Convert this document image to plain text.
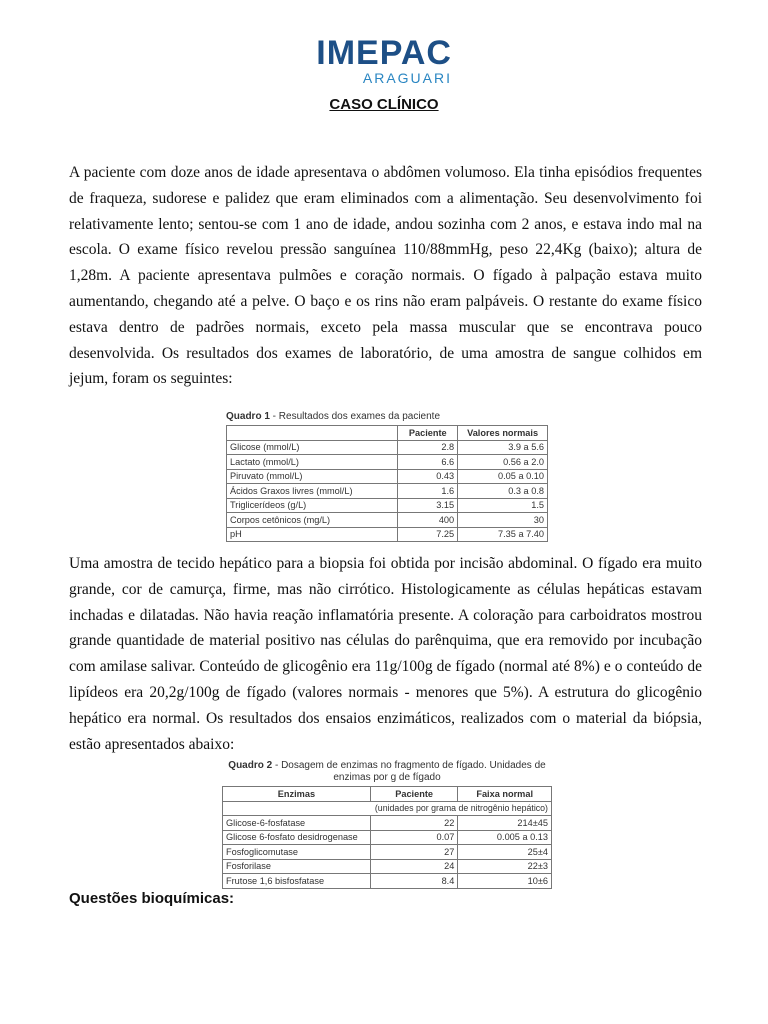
IMEPAC
ARAGUARI
CASO CLÍNICO

A paciente com doze anos de idade apresentava o abdômen volumoso. Ela tinha episódios frequentes de fraqueza, sudorese e palidez que eram eliminados com a alimentação. Seu desenvolvimento foi relativamente lento; sentou-se com 1 ano de idade, andou sozinha com 2 anos, e estava indo mal na escola. O exame físico revelou pressão sanguínea 110/88mmHg, peso 22,4Kg (baixo); altura de 1,28m. A paciente apresentava pulmões e coração normais. O fígado à palpação estava muito aumentando, chegando até a pelve. O baço e os rins não eram palpáveis. O restante do exame físico estava dentro de padrões normais, exceto pela massa muscular que se encontrava pouco desenvolvida. Os resultados dos exames de laboratório, de uma amostra de sangue colhidos em jejum, foram os seguintes:

Quadro 1 - Resultados dos exames da paciente
	Paciente	Valores normais
Glicose (mmol/L)	2.8	3.9 a 5.6
Lactato (mmol/L)	6.6	0.56 a 2.0
Piruvato (mmol/L)	0.43	0.05 a 0.10
Ácidos Graxos livres (mmol/L)	1.6	0.3 a 0.8
Triglicerídeos (g/L)	3.15	1.5
Corpos cetônicos (mg/L)	400	30
pH	7.25	7.35 a 7.40

Uma amostra de tecido hepático para a biopsia foi obtida por incisão abdominal. O fígado era muito grande, cor de camurça, firme, mas não cirrótico. Histologicamente as células hepáticas estavam inchadas e dilatadas. Não havia reação inflamatória presente. A coloração para carboidratos mostrou grande quantidade de material positivo nas células do parênquima, que era removido por incubação com amilase salivar. Conteúdo de glicogênio era 11g/100g de fígado (normal até 8%) e o conteúdo de lipídeos era 20,2g/100g de fígado (valores normais - menores que 5%). A estrutura do glicogênio hepático era normal. Os resultados dos ensaios enzimáticos, realizados com o material da biópsia, estão apresentados abaixo:

Quadro 2 - Dosagem de enzimas no fragmento de fígado. Unidades de enzimas por g de fígado
Enzimas	Paciente	Faixa normal
(unidades por grama de nitrogênio hepático)		
Glicose-6-fosfatase	22	214±45
Glicose 6-fosfato desidrogenase	0.07	0.005 a 0.13
Fosfoglicomutase	27	25±4
Fosforilase	24	22±3
Frutose 1,6 bisfosfatase	8.4	10±6
Questões bioquímicas:
